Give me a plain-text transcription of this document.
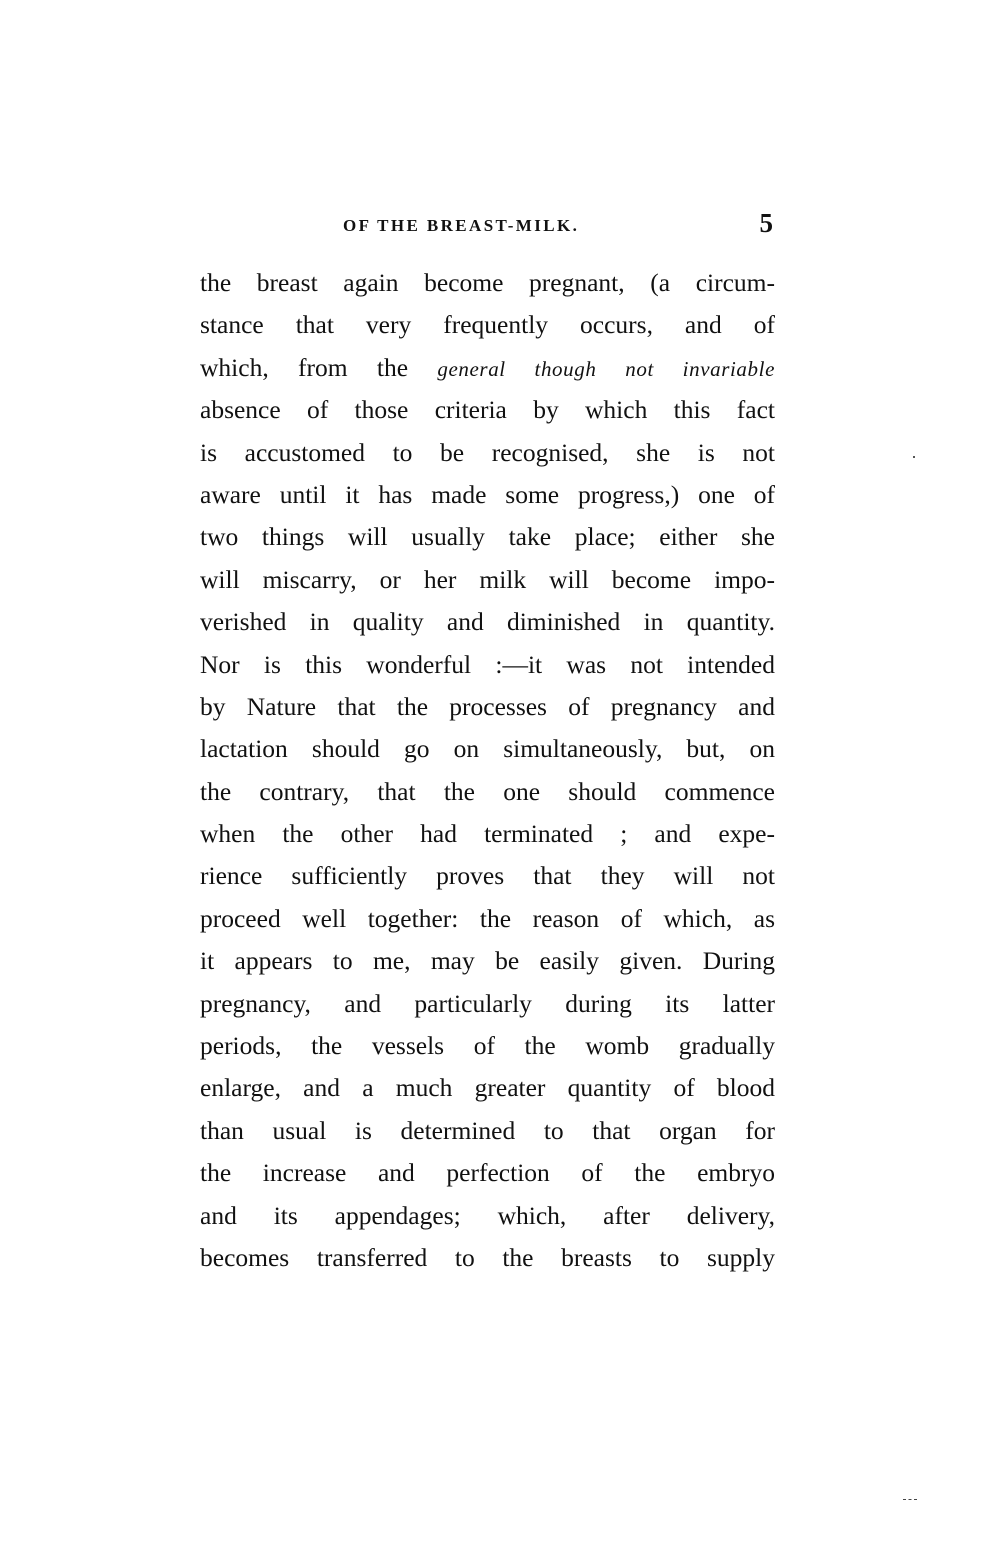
OF THE BREAST-MILK.	5
the breast again become pregnant, (a circum-
stance that very frequently occurs, and of
which, from the general though not invariable
absence of those criteria by which this fact
is accustomed to be recognised, she is not
aware until it has made some progress,) one of
two things will usually take place; either she
will miscarry, or her milk will become impo-
verished in quality and diminished in quantity.
Nor is this wonderful :—it was not intended
by Nature that the processes of pregnancy and
lactation should go on simultaneously, but, on
the contrary, that the one should commence
when the other had terminated ; and expe-
rience sufficiently proves that they will not
proceed well together: the reason of which, as
it appears to me, may be easily given. During
pregnancy, and particularly during its latter
periods, the vessels of the womb gradually
enlarge, and a much greater quantity of blood
than usual is determined to that organ for
the increase and perfection of the embryo
and its appendages; which, after delivery,
becomes transferred to the breasts to supply
